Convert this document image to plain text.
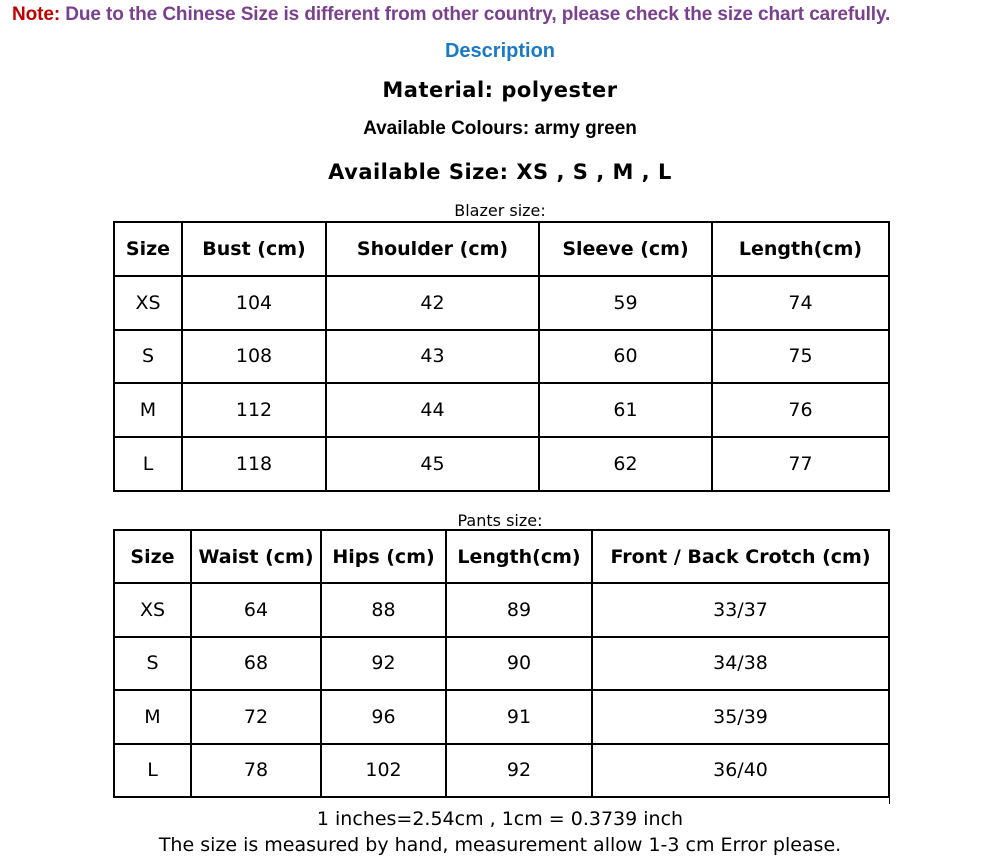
Note: Due to the Chinese Size is different from other country, please check the size chart carefully.
Description
Material: polyester
Available Colours: army green
Available Size: XS , S , M , L
Blazer size:
Size	Bust (cm)	Shoulder (cm)	Sleeve (cm)	Length(cm)
XS	104	42	59	74
S	108	43	60	75
M	112	44	61	76
L	118	45	62	77
Pants size:
Size	Waist (cm)	Hips (cm)	Length(cm)	Front / Back Crotch (cm)
XS	64	88	89	33/37
S	68	92	90	34/38
M	72	96	91	35/39
L	78	102	92	36/40
1 inches=2.54cm , 1cm = 0.3739 inch
The size is measured by hand, measurement allow 1-3 cm Error please.
